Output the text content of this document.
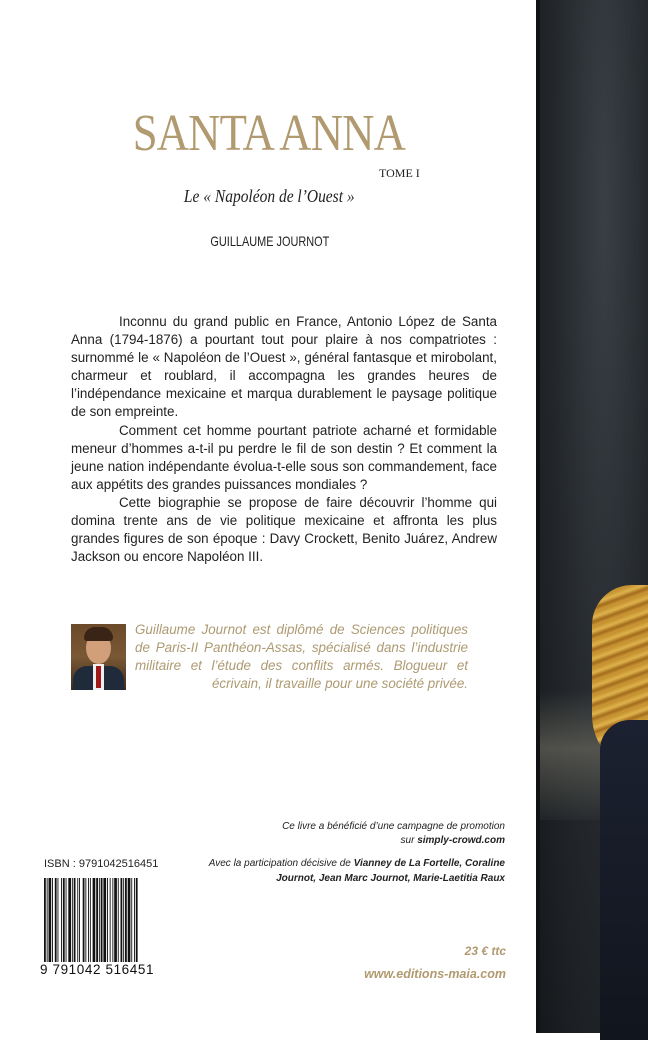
SANTA ANNA
TOME I
Le « Napoléon de l’Ouest »
GUILLAUME JOURNOT

Inconnu du grand public en France, Antonio López de Santa Anna (1794-1876) a pourtant tout pour plaire à nos compatriotes : surnommé le « Napoléon de l’Ouest », général fantasque et mirobolant, charmeur et roublard, il accompagna les grandes heures de l’indépendance mexicaine et marqua durablement le paysage politique de son empreinte.

Comment cet homme pourtant patriote acharné et formidable meneur d’hommes a-t-il pu perdre le fil de son destin ? Et comment la jeune nation indépendante évolua-t-elle sous son commandement, face aux appétits des grandes puissances mondiales ?

Cette biographie se propose de faire découvrir l’homme qui domina trente ans de vie politique mexicaine et affronta les plus grandes figures de son époque : Davy Crockett, Benito Juárez, Andrew Jackson ou encore Napoléon III.

Guillaume Journot est diplômé de Sciences politiques de Paris-II Panthéon-Assas, spécialisé dans l’industrie militaire et l’étude des conflits armés. Blogueur et écrivain, il travaille pour une société privée.
Ce livre a bénéficié d’une campagne de promotion
sur simply-crowd.com
Avec la participation décisive de Vianney de La Fortelle, Coraline Journot, Jean Marc Journot, Marie-Laetitia Raux
ISBN : 9791042516451
9 791042 516451
23 € ttc
www.editions-maia.com
